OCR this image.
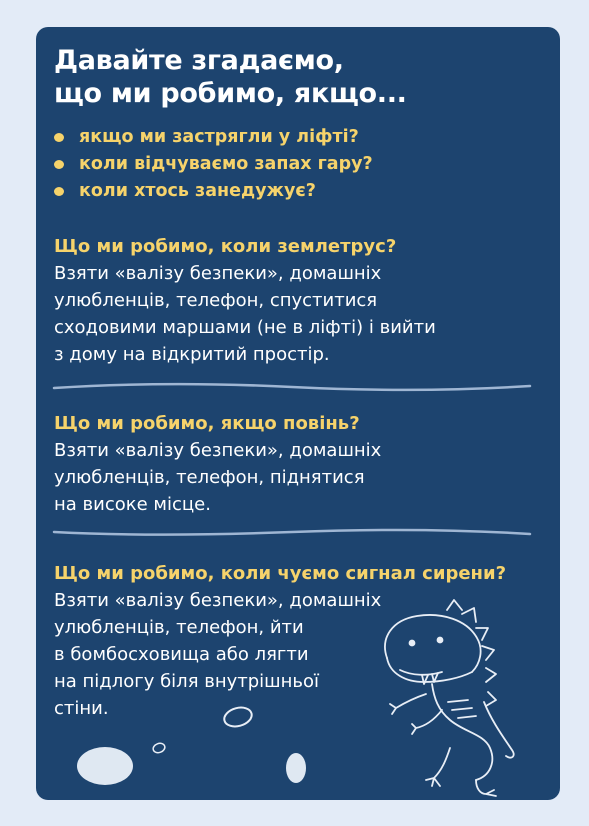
Давайте згадаємо,
що ми робимо, якщо...
якщо ми застрягли у ліфті?
коли відчуваємо запах гару?
коли хтось занедужує?
Що ми робимо, коли землетрус?
Взяти «валізу безпеки», домашніх
улюбленців, телефон, спуститися
сходовими маршами (не в ліфті) і вийти
з дому на відкритий простір.
Що ми робимо, якщо повінь?
Взяти «валізу безпеки», домашніх
улюбленців, телефон, піднятися
на високе місце.
Що ми робимо, коли чуємо сигнал сирени?
Взяти «валізу безпеки», домашніх
улюбленців, телефон, йти
в бомбосховища або лягти
на підлогу біля внутрішньої
стіни.
